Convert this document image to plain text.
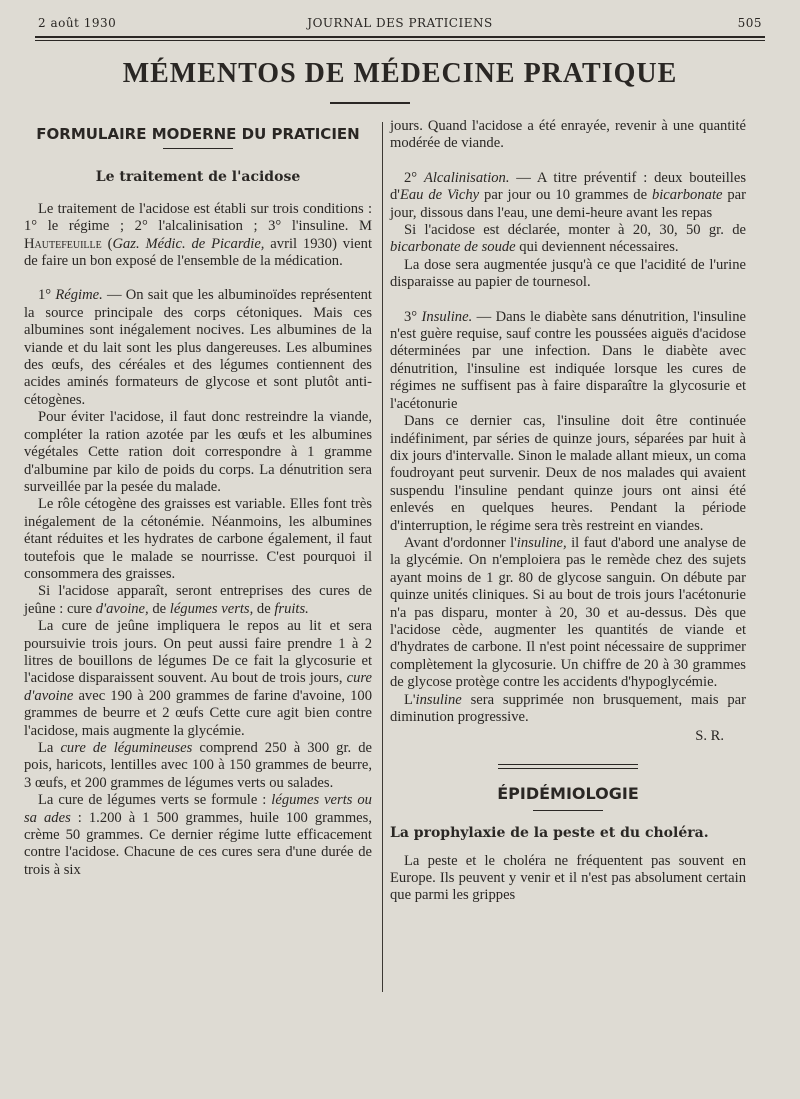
2 août 1930	JOURNAL DES PRATICIENS	505
MÉMENTOS DE MÉDECINE PRATIQUE
FORMULAIRE MODERNE DU PRATICIEN
Le traitement de l'acidose

Le traitement de l'acidose est établi sur trois conditions : 1° le régime ; 2° l'alcalinisation ; 3° l'insuline. M Hautefeuille (Gaz. Médic. de Picardie, avril 1930) vient de faire un bon exposé de l'ensemble de la médication.

1° Régime. — On sait que les albuminoïdes représentent la source principale des corps cétoniques. Mais ces albumines sont inégalement nocives. Les albumines de la viande et du lait sont les plus dangereuses. Les albumines des œufs, des céréales et des légumes contiennent des acides aminés formateurs de glycose et sont plutôt anti-cétogènes.

Pour éviter l'acidose, il faut donc restreindre la viande, compléter la ration azotée par les œufs et les albumines végétales Cette ration doit correspondre à 1 gramme d'albumine par kilo de poids du corps. La dénutrition sera surveillée par la pesée du malade.

Le rôle cétogène des graisses est variable. Elles font très inégalement de la cétonémie. Néanmoins, les albumines étant réduites et les hydrates de carbone également, il faut toutefois que le malade se nourrisse. C'est pourquoi il consommera des graisses.

Si l'acidose apparaît, seront entreprises des cures de jeûne : cure d'avoine, de légumes verts, de fruits.

La cure de jeûne impliquera le repos au lit et sera poursuivie trois jours. On peut aussi faire prendre 1 à 2 litres de bouillons de légumes De ce fait la glycosurie et l'acidose disparaissent souvent. Au bout de trois jours, cure d'avoine avec 190 à 200 grammes de farine d'avoine, 100 grammes de beurre et 2 œufs Cette cure agit bien contre l'acidose, mais augmente la glycémie.

La cure de légumineuses comprend 250 à 300 gr. de pois, haricots, lentilles avec 100 à 150 grammes de beurre, 3 œufs, et 200 grammes de légumes verts ou salades.

La cure de légumes verts se formule : légumes verts ou sa ades : 1.200 à 1 500 grammes, huile 100 grammes, crème 50 grammes. Ce dernier régime lutte efficacement contre l'acidose. Chacune de ces cures sera d'une durée de trois à six

jours. Quand l'acidose a été enrayée, revenir à une quantité modérée de viande.

2° Alcalinisation. — A titre préventif : deux bouteilles d'Eau de Vichy par jour ou 10 grammes de bicarbonate par jour, dissous dans l'eau, une demi-heure avant les repas

Si l'acidose est déclarée, monter à 20, 30, 50 gr. de bicarbonate de soude qui deviennent nécessaires.

La dose sera augmentée jusqu'à ce que l'acidité de l'urine disparaisse au papier de tournesol.

3° Insuline. — Dans le diabète sans dénutrition, l'insuline n'est guère requise, sauf contre les poussées aiguës d'acidose déterminées par une infection. Dans le diabète avec dénutrition, l'insuline est indiquée lorsque les cures de régimes ne suffisent pas à faire disparaître la glycosurie et l'acétonurie

Dans ce dernier cas, l'insuline doit être continuée indéfiniment, par séries de quinze jours, séparées par huit à dix jours d'intervalle. Sinon le malade allant mieux, un coma foudroyant peut survenir. Deux de nos malades qui avaient suspendu l'insuline pendant quinze jours ont ainsi été enlevés en quelques heures. Pendant la période d'interruption, le régime sera très restreint en viandes.

Avant d'ordonner l'insuline, il faut d'abord une analyse de la glycémie. On n'emploiera pas le remède chez des sujets ayant moins de 1 gr. 80 de glycose sanguin. On débute par quinze unités cliniques. Si au bout de trois jours l'acétonurie n'a pas disparu, monter à 20, 30 et au-dessus. Dès que l'acidose cède, augmenter les quantités de viande et d'hydrates de carbone. Il n'est point nécessaire de supprimer complètement la glycosurie. Un chiffre de 20 à 30 grammes de glycose protège contre les accidents d'hypoglycémie.

L'insuline sera supprimée non brusquement, mais par diminution progressive.

S. R.
ÉPIDÉMIOLOGIE
La prophylaxie de la peste et du choléra.

La peste et le choléra ne fréquentent pas souvent en Europe. Ils peuvent y venir et il n'est pas absolument certain que parmi les grippes
